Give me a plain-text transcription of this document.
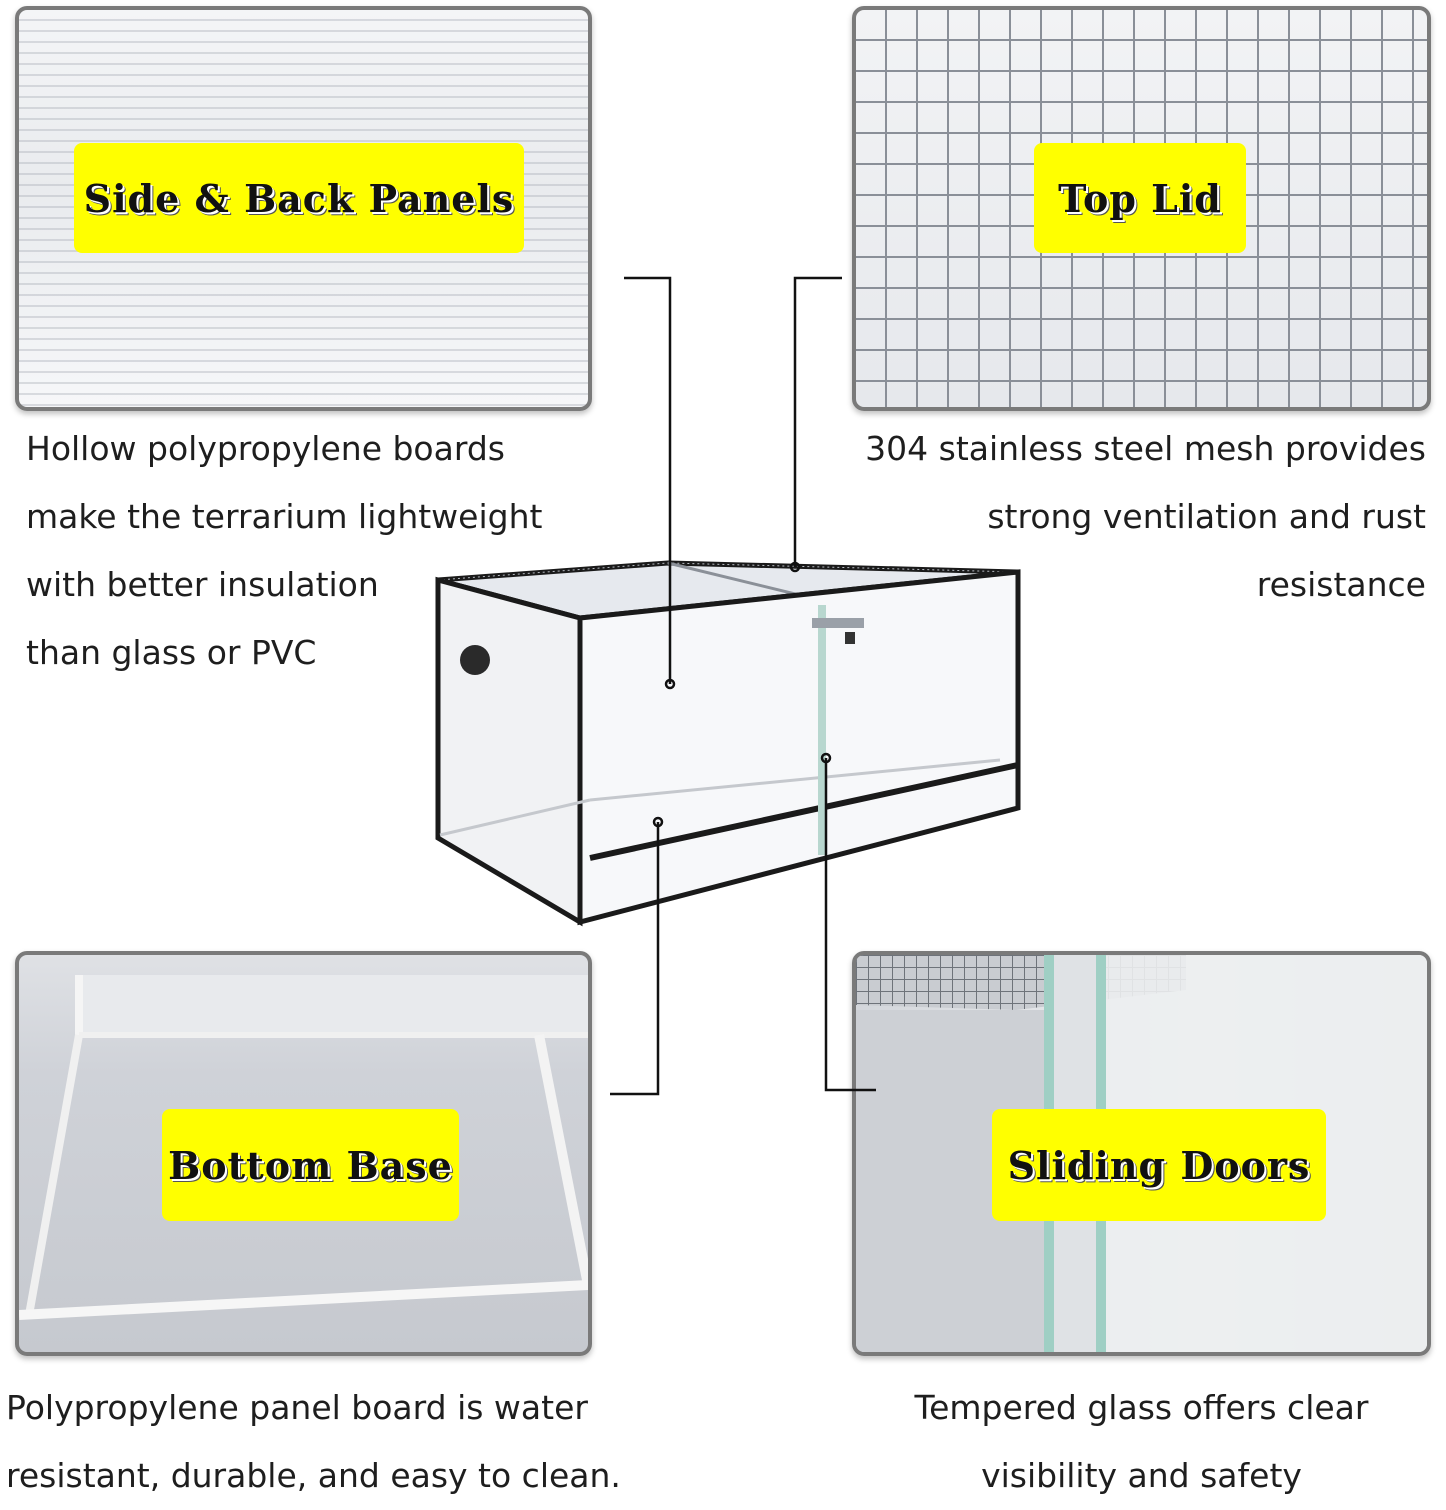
Side & Back Panels
Hollow polypropylene boards
make the terrarium lightweight
with better insulation
than glass or PVC
Top Lid
304 stainless steel mesh provides
strong ventilation and rust
resistance
Bottom Base
Polypropylene panel board is water
resistant, durable, and easy to clean.
Sliding Doors
Tempered glass offers clear
visibility and safety
